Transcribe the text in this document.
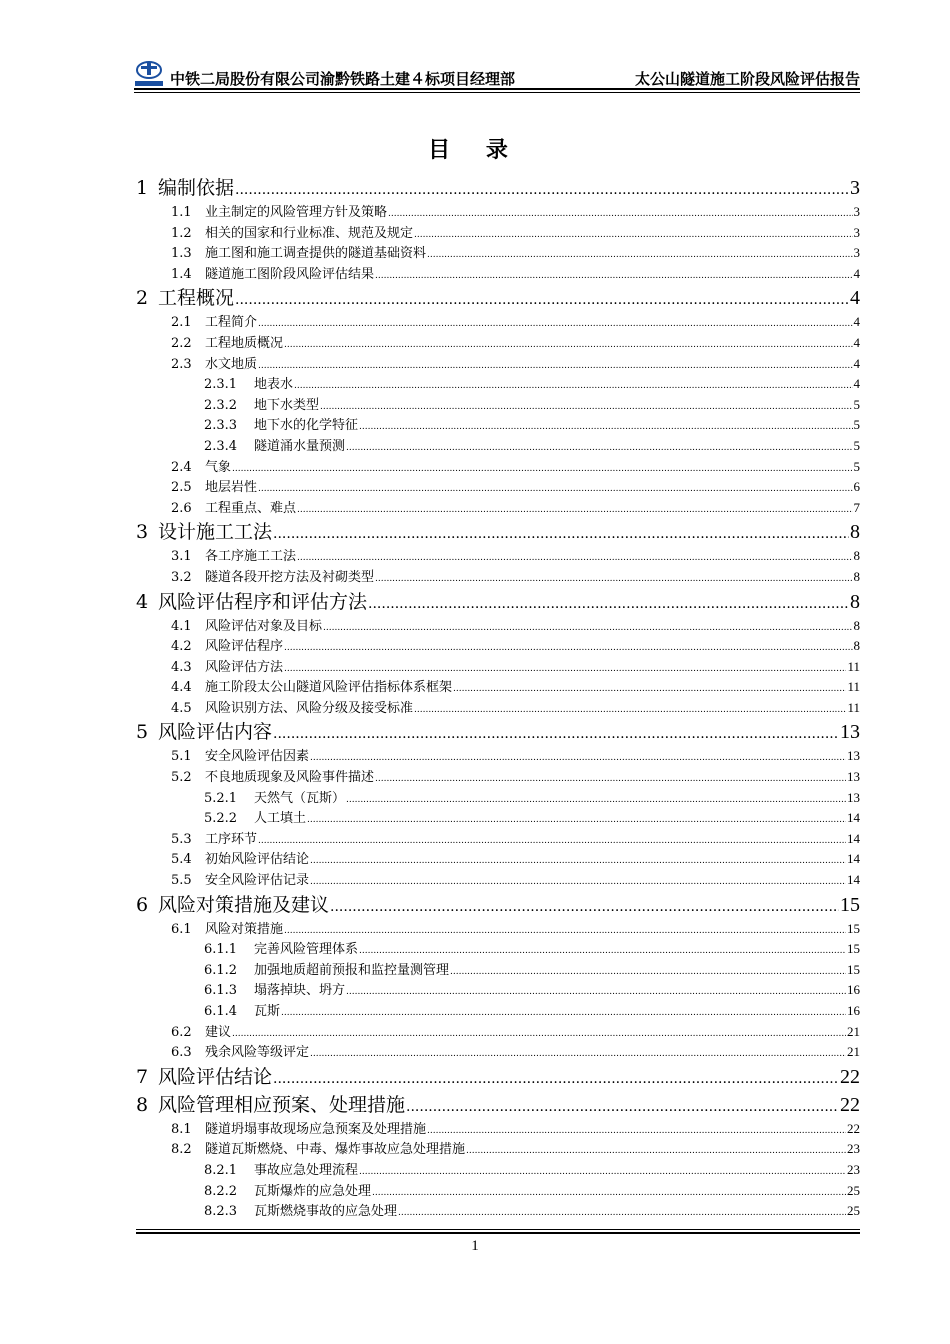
中铁二局股份有限公司渝黔铁路土建４标项目经理部	太公山隧道施工阶段风险评估报告
目 录
1 编制依据 .....	3
1.1	业主制定的风险管理方针及策略 .....	3
1.2	相关的国家和行业标准、规范及规定 .....	3
1.3	施工图和施工调查提供的隧道基础资料 .....	3
1.4	隧道施工图阶段风险评估结果 .....	4
2 工程概况 .....	4
2.1	工程简介 .....	4
2.2	工程地质概况 .....	4
2.3	水文地质 .....	4
2.3.1	地表水 .....	4
2.3.2	地下水类型 .....	5
2.3.3	地下水的化学特征 .....	5
2.3.4	隧道涌水量预测 .....	5
2.4	气象 .....	5
2.5	地层岩性 .....	6
2.6	工程重点、难点 .....	7
3 设计施工工法 .....	8
3.1	各工序施工工法 .....	8
3.2	隧道各段开挖方法及衬砌类型 .....	8
4 风险评估程序和评估方法 .....	8
4.1	风险评估对象及目标 .....	8
4.2	风险评估程序 .....	8
4.3	风险评估方法 .....	11
4.4	施工阶段太公山隧道风险评估指标体系框架 .....	11
4.5	风险识别方法、风险分级及接受标准 .....	11
5 风险评估内容 .....	13
5.1	安全风险评估因素 .....	13
5.2	不良地质现象及风险事件描述 .....	13
5.2.1	天然气（瓦斯） .....	13
5.2.2	人工填土 .....	14
5.3	工序环节 .....	14
5.4	初始风险评估结论 .....	14
5.5	安全风险评估记录 .....	14
6 风险对策措施及建议 .....	15
6.1	风险对策措施 .....	15
6.1.1	完善风险管理体系 .....	15
6.1.2	加强地质超前预报和监控量测管理 .....	15
6.1.3	塌落掉块、坍方 .....	16
6.1.4	瓦斯 .....	16
6.2	建议 .....	21
6.3	残余风险等级评定 .....	21
7 风险评估结论 .....	22
8 风险管理相应预案、处理措施 .....	22
8.1	隧道坍塌事故现场应急预案及处理措施 .....	22
8.2	隧道瓦斯燃烧、中毒、爆炸事故应急处理措施 .....	23
8.2.1	事故应急处理流程 .....	23
8.2.2	瓦斯爆炸的应急处理 .....	25
8.2.3	瓦斯燃烧事故的应急处理 .....	25
1
